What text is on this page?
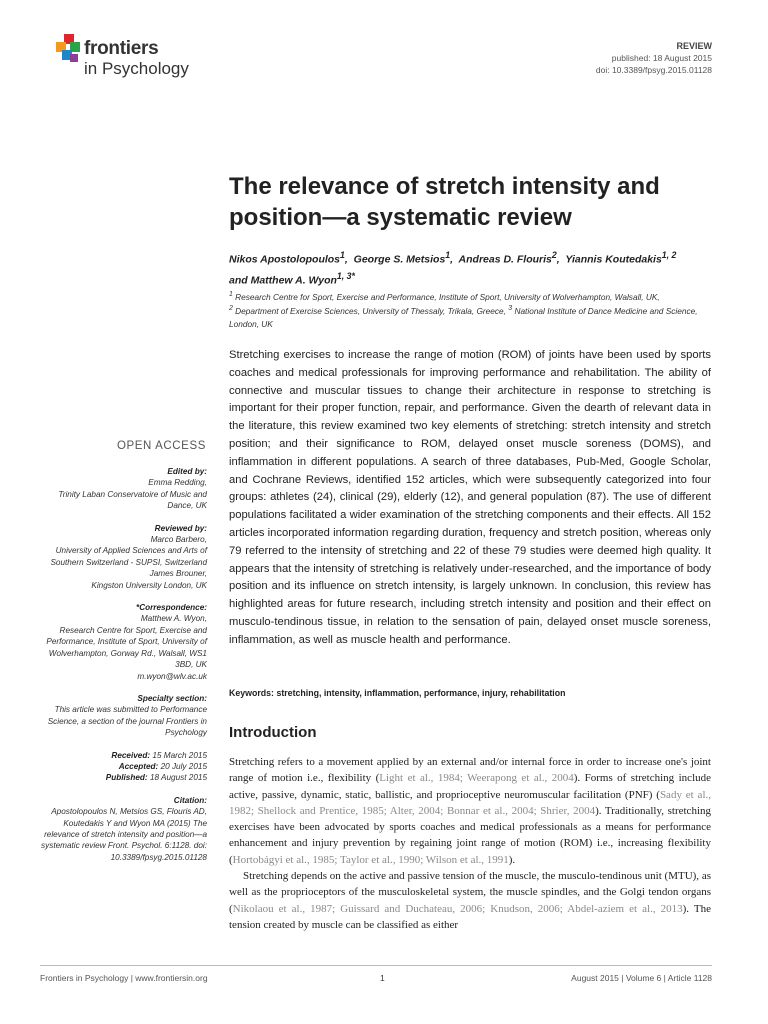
frontiers
in Psychology
REVIEW
published: 18 August 2015
doi: 10.3389/fpsyg.2015.01128
The relevance of stretch intensity and position—a systematic review
Nikos Apostolopoulos$^1$,  George S. Metsios$^1$,  Andreas D. Flouris$^2$,  Yiannis Koutedakis$^{1, 2}$
and Matthew A. Wyon$^{1, 3*}$
$^1$ Research Centre for Sport, Exercise and Performance, Institute of Sport, University of Wolverhampton, Walsall, UK,
$^2$ Department of Exercise Sciences, University of Thessaly, Trikala, Greece, $^3$ National Institute of Dance Medicine and Science, London, UK
Stretching exercises to increase the range of motion (ROM) of joints have been used by sports coaches and medical professionals for improving performance and rehabilitation. The ability of connective and muscular tissues to change their architecture in response to stretching is important for their proper function, repair, and performance. Given the dearth of relevant data in the literature, this review examined two key elements of stretching: stretch intensity and stretch position; and their significance to ROM, delayed onset muscle soreness (DOMS), and inflammation in different populations. A search of three databases, Pub-Med, Google Scholar, and Cochrane Reviews, identified 152 articles, which were subsequently categorized into four groups: athletes (24), clinical (29), elderly (12), and general population (87). The use of different populations facilitated a wider examination of the stretching components and their effects. All 152 articles incorporated information regarding duration, frequency and stretch position, whereas only 79 referred to the intensity of stretching and 22 of these 79 studies were deemed high quality. It appears that the intensity of stretching is relatively under-researched, and the importance of body position and its influence on stretch intensity, is largely unknown. In conclusion, this review has highlighted areas for future research, including stretch intensity and position and their effect on musculo-tendinous tissue, in relation to the sensation of pain, delayed onset muscle soreness, inflammation, as well as muscle health and performance.
Keywords: stretching, intensity, inflammation, performance, injury, rehabilitation
OPEN ACCESS
Edited by:
Emma Redding,
Trinity Laban Conservatoire of Music and Dance, UK
Reviewed by:
Marco Barbero,
University of Applied Sciences and Arts of Southern Switzerland - SUPSI, Switzerland
James Brouner,
Kingston University London, UK
*Correspondence:
Matthew A. Wyon,
Research Centre for Sport, Exercise and Performance, Institute of Sport, University of Wolverhampton, Gorway Rd., Walsall, WS1 3BD, UK
m.wyon@wlv.ac.uk
Specialty section:
This article was submitted to Performance Science, a section of the journal Frontiers in Psychology
Received: 15 March 2015
Accepted: 20 July 2015
Published: 18 August 2015
Citation:
Apostolopoulos N, Metsios GS, Flouris AD, Koutedakis Y and Wyon MA (2015) The relevance of stretch intensity and position—a systematic review Front. Psychol. 6:1128. doi: 10.3389/fpsyg.2015.01128
Introduction

Stretching refers to a movement applied by an external and/or internal force in order to increase one's joint range of motion i.e., flexibility (Light et al., 1984; Weerapong et al., 2004). Forms of stretching include active, passive, dynamic, static, ballistic, and proprioceptive neuromuscular facilitation (PNF) (Sady et al., 1982; Shellock and Prentice, 1985; Alter, 2004; Bonnar et al., 2004; Shrier, 2004). Traditionally, stretching exercises have been advocated by sports coaches and medical professionals as a means for performance enhancement and injury prevention by regaining joint range of motion (ROM) i.e., increasing flexibility (Hortobágyi et al., 1985; Taylor et al., 1990; Wilson et al., 1991).

Stretching depends on the active and passive tension of the muscle, the musculo-tendinous unit (MTU), as well as the proprioceptors of the musculoskeletal system, the muscle spindles, and the Golgi tendon organs (Nikolaou et al., 1987; Guissard and Duchateau, 2006; Knudson, 2006; Abdel-aziem et al., 2013). The tension created by muscle can be classified as either

Frontiers in Psychology | www.frontiersin.org	1	August 2015 | Volume 6 | Article 1128
